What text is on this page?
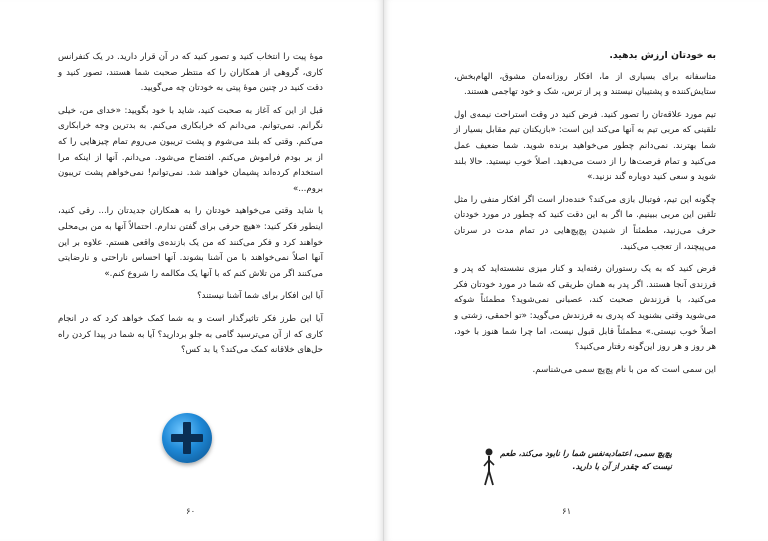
موۀ پیت را انتخاب کنید و تصور کنید که در آن قرار دارید. در یک کنفرانس کاری، گروهی از همکاران را که منتظر صحبت شما هستند، تصور کنید و دقت کنید در چنین موۀ پیتی به خودتان چه می‌گویید.

قبل از این که آغاز به صحبت کنید، شاید با خود بگویید: «خدای من، خیلی نگرانم. نمی‌توانم. می‌دانم که خرابکاری می‌کنم. به بدترین وجه خرابکاری می‌کنم. وقتی که بلند می‌شوم و پشت تریبون می‌روم تمام چیزهایی را که از بر بودم فراموش می‌کنم. افتضاح می‌شود. می‌دانم. آنها از اینکه مرا استخدام کرده‌اند پشیمان خواهند شد. نمی‌توانم! نمی‌خواهم پشت تریبون بروم...»

یا شاید وقتی می‌خواهید خودتان را به همکاران جدیدتان را... رقی کنید، اینطور فکر کنید: «هیچ حرفی برای گفتن ندارم. احتمالاً آنها به من بی‌محلی خواهند کرد و فکر می‌کنند که من یک بازنده‌ی واقعی هستم. علاوه بر این آنها اصلاً نمی‌خواهند با من آشنا بشوند. آنها احساس ناراحتی و نارضایتی می‌کنند اگر من تلاش کنم که با آنها یک مکالمه را شروع کنم.»

آیا این افکار برای شما آشنا نیستند؟

آیا این طرز فکر تاثیرگذار است و به شما کمک خواهد کرد که در انجام کاری که از آن می‌ترسید گامی به جلو بردارید؟ آیا به شما در پیدا کردن راه حل‌های خلاقانه کمک می‌کند؟ یا بد کس؟

۶۰
به خودتان ارزش بدهید.

متاسفانه برای بسیاری از ما، افکار روزانه‌مان مشوق، الهام‌بخش، ستایش‌کننده و پشتیبان نیستند و پر از ترس، شک و خود تهاجمی هستند.

تیم مورد علاقه‌تان را تصور کنید. فرض کنید در وقت استراحت نیمه‌ی اول تلقینی که مربی تیم به آنها می‌کند این است: «بازیکنان تیم مقابل بسیار از شما بهترند. نمی‌دانم چطور می‌خواهید برنده شوید. شما ضعیف عمل می‌کنید و تمام فرصت‌ها را از دست می‌دهید. اصلاً خوب نیستید. حالا بلند شوید و سعی کنید دوباره گند نزنید.»

چگونه این تیم، فوتبال بازی می‌کند؟ خنده‌دار است اگر افکار منفی را مثل تلقین این مربی ببینیم. ما اگر به این دقت کنید که چطور در مورد خودتان حرف می‌زنید، مطمئناً از شنیدن پچ‌پچ‌هایی در تمام مدت در سرتان می‌پیچند، از تعجب می‌کنید.

فرض کنید که به یک رستوران رفته‌اید و کنار میزی نشسته‌اید که پدر و فرزندی آنجا هستند. اگر پدر به همان طریقی که شما در مورد خودتان فکر می‌کنید، با فرزندش صحبت کند، عصبانی نمی‌شوید؟ مطمئناً شوکه می‌شوید وقتی بشنوید که پدری به فرزندش می‌گوید: «تو احمقی، زشتی و اصلاً خوب نیستی.» مطمئناً قابل قبول نیست، اما چرا شما هنوز با خود، هر روز و هر روز این‌گونه رفتار می‌کنید؟

این سمی است که من با نام پچ‌پچ سمی می‌شناسم.

پچ‌پچ سمی، اعتماد‌به‌نفس شما را نابود می‌کند، طعم نیست که چقدر از آن با دارید.
۶۱
